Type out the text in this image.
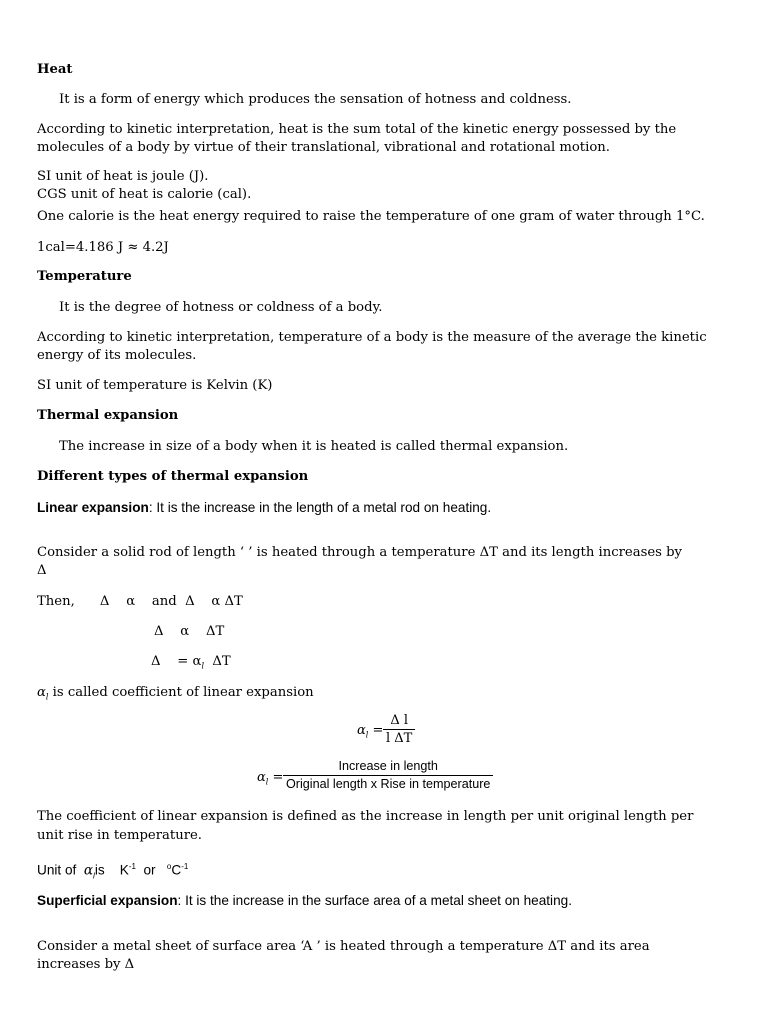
Heat
It is a form of energy which produces the sensation of hotness and coldness.
According to kinetic interpretation, heat is the sum total of the kinetic energy possessed by the
molecules of a body by virtue of their translational, vibrational and rotational motion.
SI unit of heat is joule (J).
CGS unit of heat is calorie (cal).
One calorie is the heat energy required to raise the temperature of one gram of water through 1°C.
1cal=4.186 J ≈ 4.2J
Temperature
It is the degree of hotness or coldness of a body.
According to kinetic interpretation, temperature of a body is the measure of the average the kinetic
energy of its molecules.
SI unit of temperature is Kelvin (K)
Thermal expansion
The increase in size of a body when it is heated is called thermal expansion.
Different types of thermal expansion
Linear expansion: It is the increase in the length of a metal rod on heating.
Consider a solid rod of length ‘ ’ is heated through a temperature ΔT and its length increases by
Δ
Then,      Δ    α    and  Δ    α ΔT
Δ    α    ΔT
Δ    = $\alpha_l$  ΔT
$\alpha_l$ is called coefficient of linear expansion
$\alpha_l = \frac{\text{Δ l}}{\text{l ΔT}}$
$\alpha_l$ =
Increase in length
Original length x Rise in temperature
The coefficient of linear expansion is defined as the increase in length per unit original length per
unit rise in temperature.
Unit of  $\alpha_lis$    $K^{-1}$  or   $^oC^{-1}$
Superficial expansion: It is the increase in the surface area of a metal sheet on heating.
Consider a metal sheet of surface area ‘A ’ is heated through a temperature ΔT and its area
increases by Δ
